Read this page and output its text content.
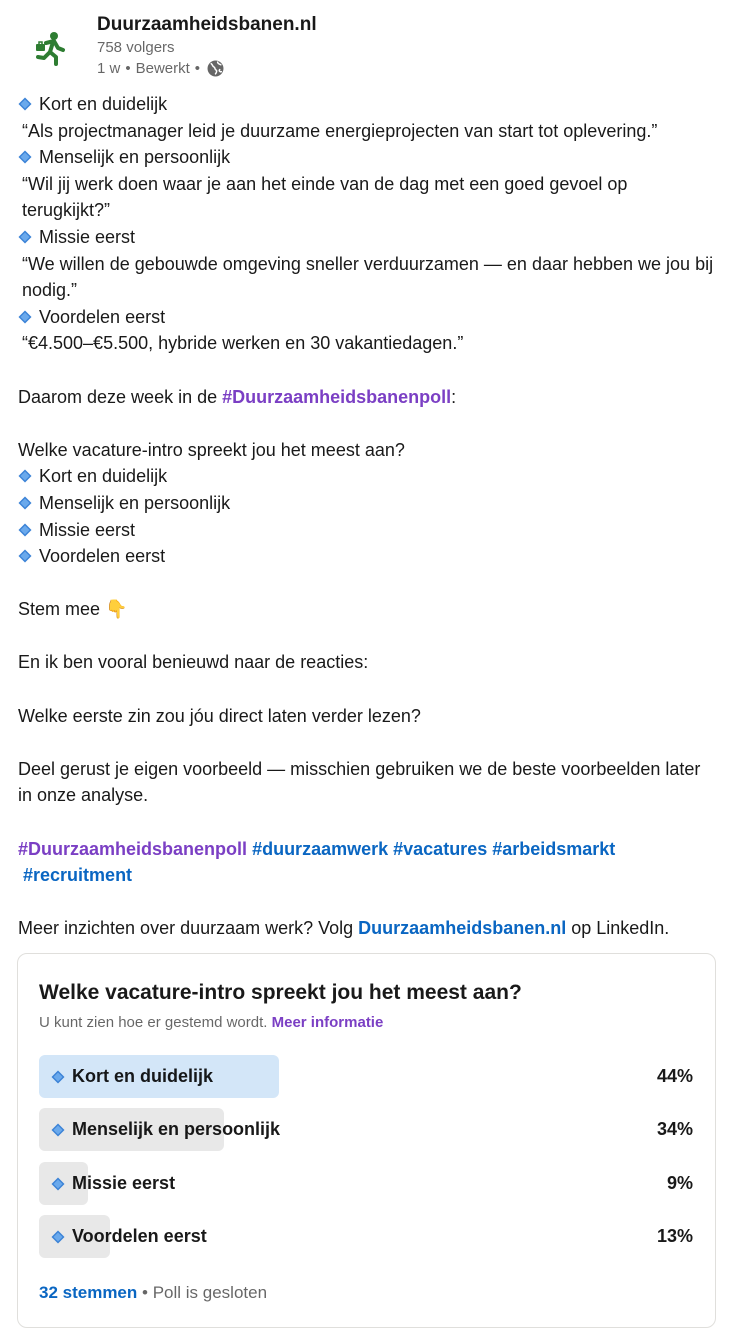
Duurzaamheidsbanen.nl
758 volgers
1 w • Bewerkt •
Kort en duidelijk
“Als projectmanager leid je duurzame energieprojecten van start tot oplevering.”
Menselijk en persoonlijk
“Wil jij werk doen waar je aan het einde van de dag met een goed gevoel op terugkijkt?”
Missie eerst
“We willen de gebouwde omgeving sneller verduurzamen — en daar hebben we jou bij nodig.”
Voordelen eerst
“€4.500–€5.500, hybride werken en 30 vakantiedagen.”
Daarom deze week in de #Duurzaamheidsbanenpoll:
Welke vacature-intro spreekt jou het meest aan?
Kort en duidelijk
Menselijk en persoonlijk
Missie eerst
Voordelen eerst
Stem mee 👇
En ik ben vooral benieuwd naar de reacties:
Welke eerste zin zou jóu direct laten verder lezen?
Deel gerust je eigen voorbeeld — misschien gebruiken we de beste voorbeelden later in onze analyse.
#Duurzaamheidsbanenpoll #duurzaamwerk #vacatures #arbeidsmarkt
#recruitment
Meer inzichten over duurzaam werk? Volg Duurzaamheidsbanen.nl op LinkedIn.
Welke vacature-intro spreekt jou het meest aan?
U kunt zien hoe er gestemd wordt. Meer informatie
Kort en duidelijk	44%
Menselijk en persoonlijk	34%
Missie eerst	9%
Voordelen eerst	13%
32 stemmen • Poll is gesloten
